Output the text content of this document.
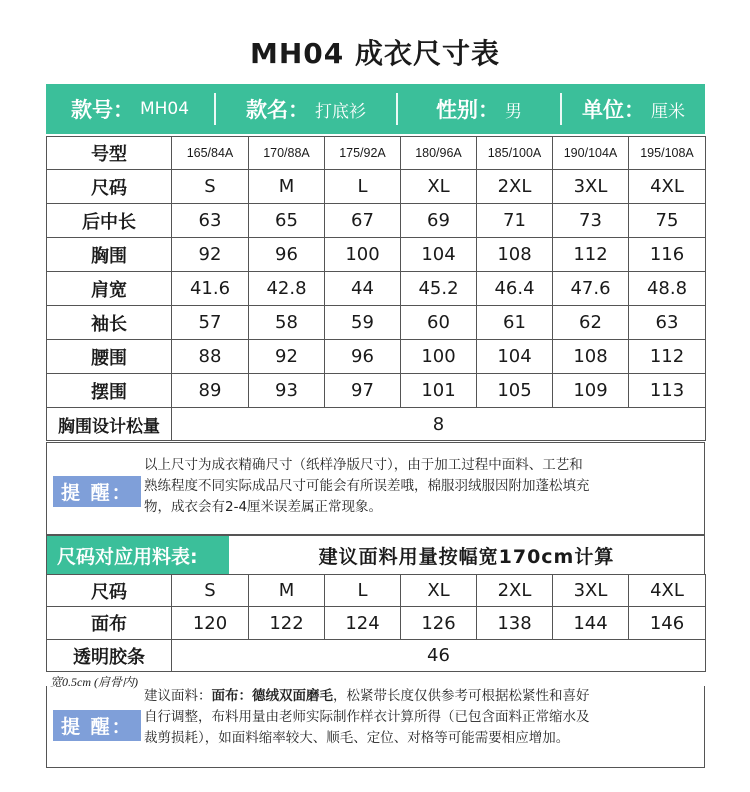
MH04 成衣尺寸表
款号： MH04	款名： 打底衫	性别： 男	单位： 厘米
号型	165/84A	170/88A	175/92A	180/96A	185/100A	190/104A	195/108A
尺码	S	M	L	XL	2XL	3XL	4XL
后中长	63	65	67	69	71	73	75
胸围	92	96	100	104	108	112	116
肩宽	41.6	42.8	44	45.2	46.4	47.6	48.8
袖长	57	58	59	60	61	62	63
腰围	88	92	96	100	104	108	112
摆围	89	93	97	101	105	109	113
胸围设计松量	8						
提 醒：
以上尺寸为成衣精确尺寸（纸样净版尺寸），由于加工过程中面料、工艺和
熟练程度不同实际成品尺寸可能会有所误差哦，棉服羽绒服因附加蓬松填充
物，成衣会有2-4厘米误差属正常现象。
尺码对应用料表:	建议面料用量按幅宽170cm计算
尺码	S	M	L	XL	2XL	3XL	4XL
面布	120	122	124	126	138	144	146
透明胶条	46						
宽0.5cm (肩骨内)
提 醒：
建议面料：面布：德绒双面磨毛，松紧带长度仅供参考可根据松紧性和喜好
自行调整，布料用量由老师实际制作样衣计算所得（已包含面料正常缩水及
裁剪损耗），如面料缩率较大、顺毛、定位、对格等可能需要相应增加。
